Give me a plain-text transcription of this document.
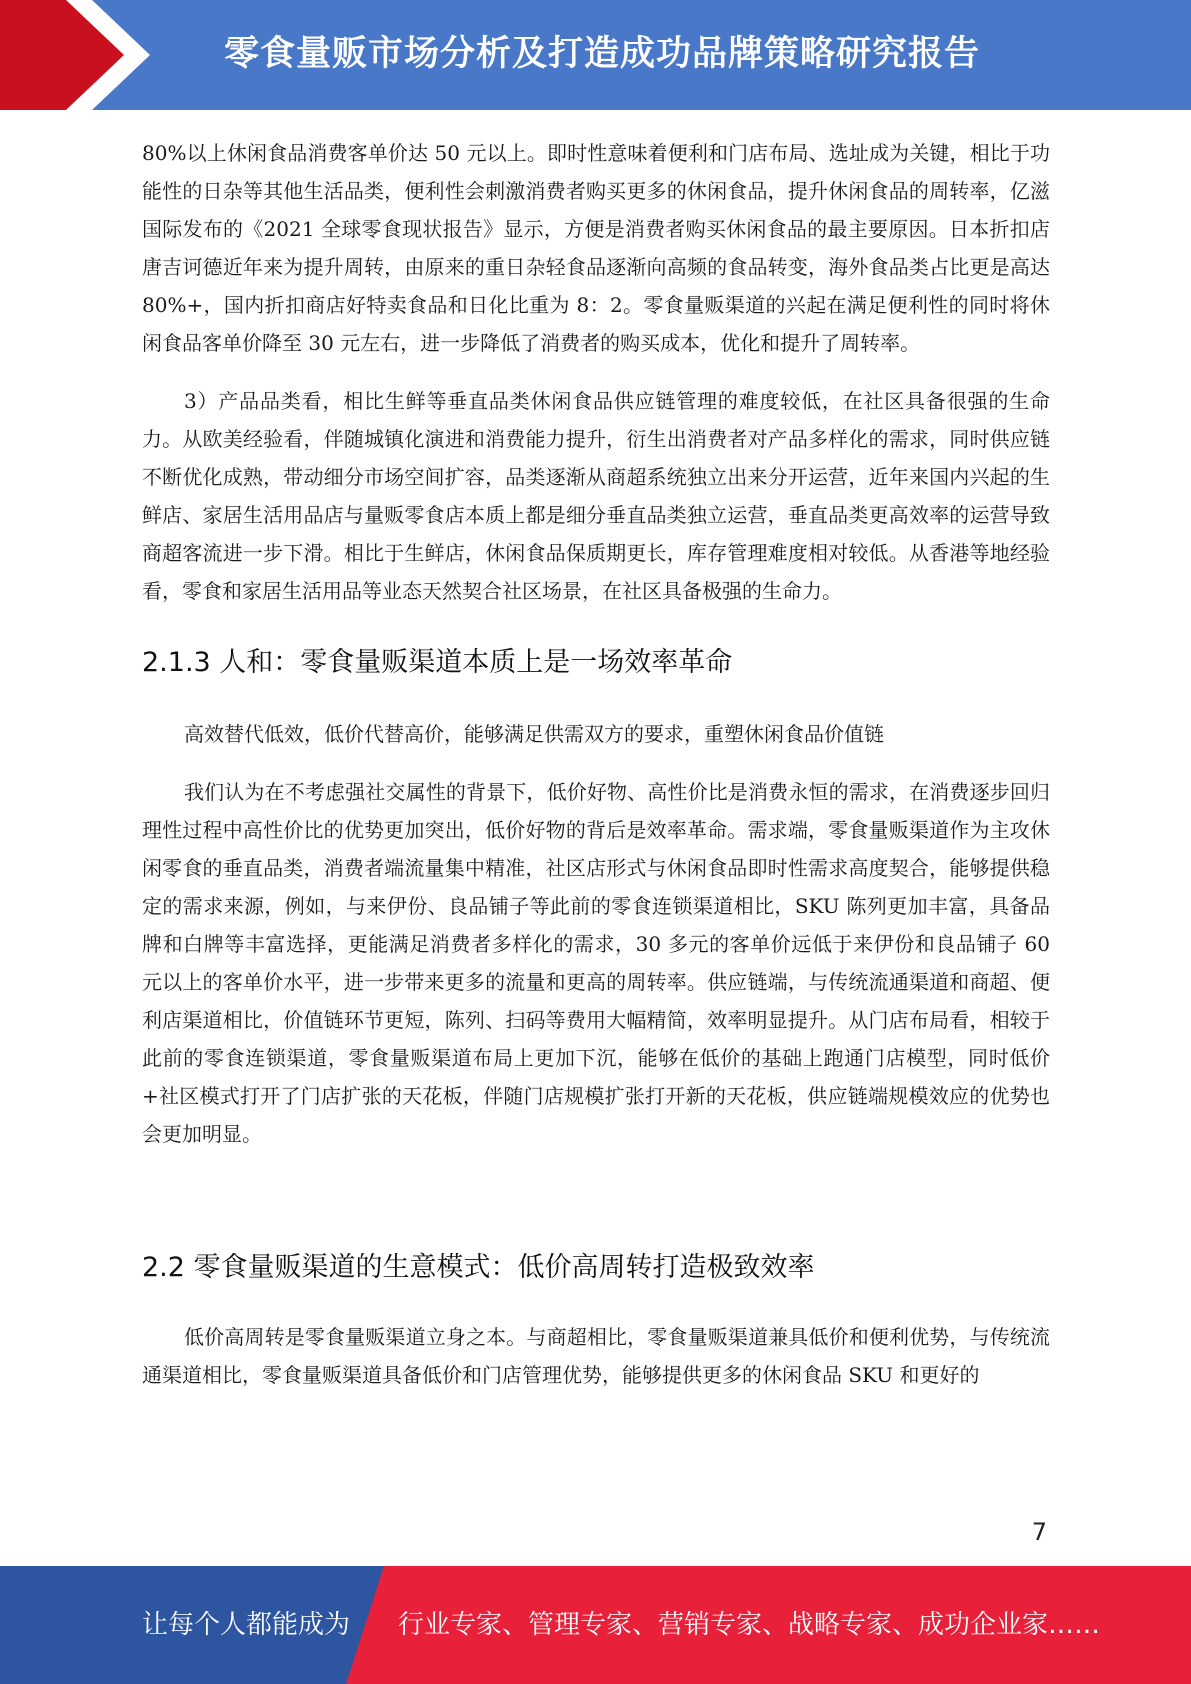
零食量贩市场分析及打造成功品牌策略研究报告

80%以上休闲食品消费客单价达 50 元以上。即时性意味着便利和门店布局、选址成为关键，相比于功能性的日杂等其他生活品类，便利性会刺激消费者购买更多的休闲食品，提升休闲食品的周转率，亿滋国际发布的《2021 全球零食现状报告》显示，方便是消费者购买休闲食品的最主要原因。日本折扣店唐吉诃德近年来为提升周转，由原来的重日杂轻食品逐渐向高频的食品转变，海外食品类占比更是高达 80%+，国内折扣商店好特卖食品和日化比重为 8：2。零食量贩渠道的兴起在满足便利性的同时将休闲食品客单价降至 30 元左右，进一步降低了消费者的购买成本，优化和提升了周转率。

3）产品品类看，相比生鲜等垂直品类休闲食品供应链管理的难度较低，在社区具备很强的生命力。从欧美经验看，伴随城镇化演进和消费能力提升，衍生出消费者对产品多样化的需求，同时供应链不断优化成熟，带动细分市场空间扩容，品类逐渐从商超系统独立出来分开运营，近年来国内兴起的生鲜店、家居生活用品店与量贩零食店本质上都是细分垂直品类独立运营，垂直品类更高效率的运营导致商超客流进一步下滑。相比于生鲜店，休闲食品保质期更长，库存管理难度相对较低。从香港等地经验看，零食和家居生活用品等业态天然契合社区场景，在社区具备极强的生命力。

2.1.3 人和：零食量贩渠道本质上是一场效率革命

高效替代低效，低价代替高价，能够满足供需双方的要求，重塑休闲食品价值链

我们认为在不考虑强社交属性的背景下，低价好物、高性价比是消费永恒的需求，在消费逐步回归理性过程中高性价比的优势更加突出，低价好物的背后是效率革命。需求端，零食量贩渠道作为主攻休闲零食的垂直品类，消费者端流量集中精准，社区店形式与休闲食品即时性需求高度契合，能够提供稳定的需求来源，例如，与来伊份、良品铺子等此前的零食连锁渠道相比，SKU 陈列更加丰富，具备品牌和白牌等丰富选择，更能满足消费者多样化的需求，30 多元的客单价远低于来伊份和良品铺子 60 元以上的客单价水平，进一步带来更多的流量和更高的周转率。供应链端，与传统流通渠道和商超、便利店渠道相比，价值链环节更短，陈列、扫码等费用大幅精简，效率明显提升。从门店布局看，相较于此前的零食连锁渠道，零食量贩渠道布局上更加下沉，能够在低价的基础上跑通门店模型，同时低价+社区模式打开了门店扩张的天花板，伴随门店规模扩张打开新的天花板，供应链端规模效应的优势也会更加明显。

2.2 零食量贩渠道的生意模式：低价高周转打造极致效率

低价高周转是零食量贩渠道立身之本。与商超相比，零食量贩渠道兼具低价和便利优势，与传统流通渠道相比，零食量贩渠道具备低价和门店管理优势，能够提供更多的休闲食品 SKU 和更好的

7
让每个人都能成为 行业专家、管理专家、营销专家、战略专家、成功企业家……
